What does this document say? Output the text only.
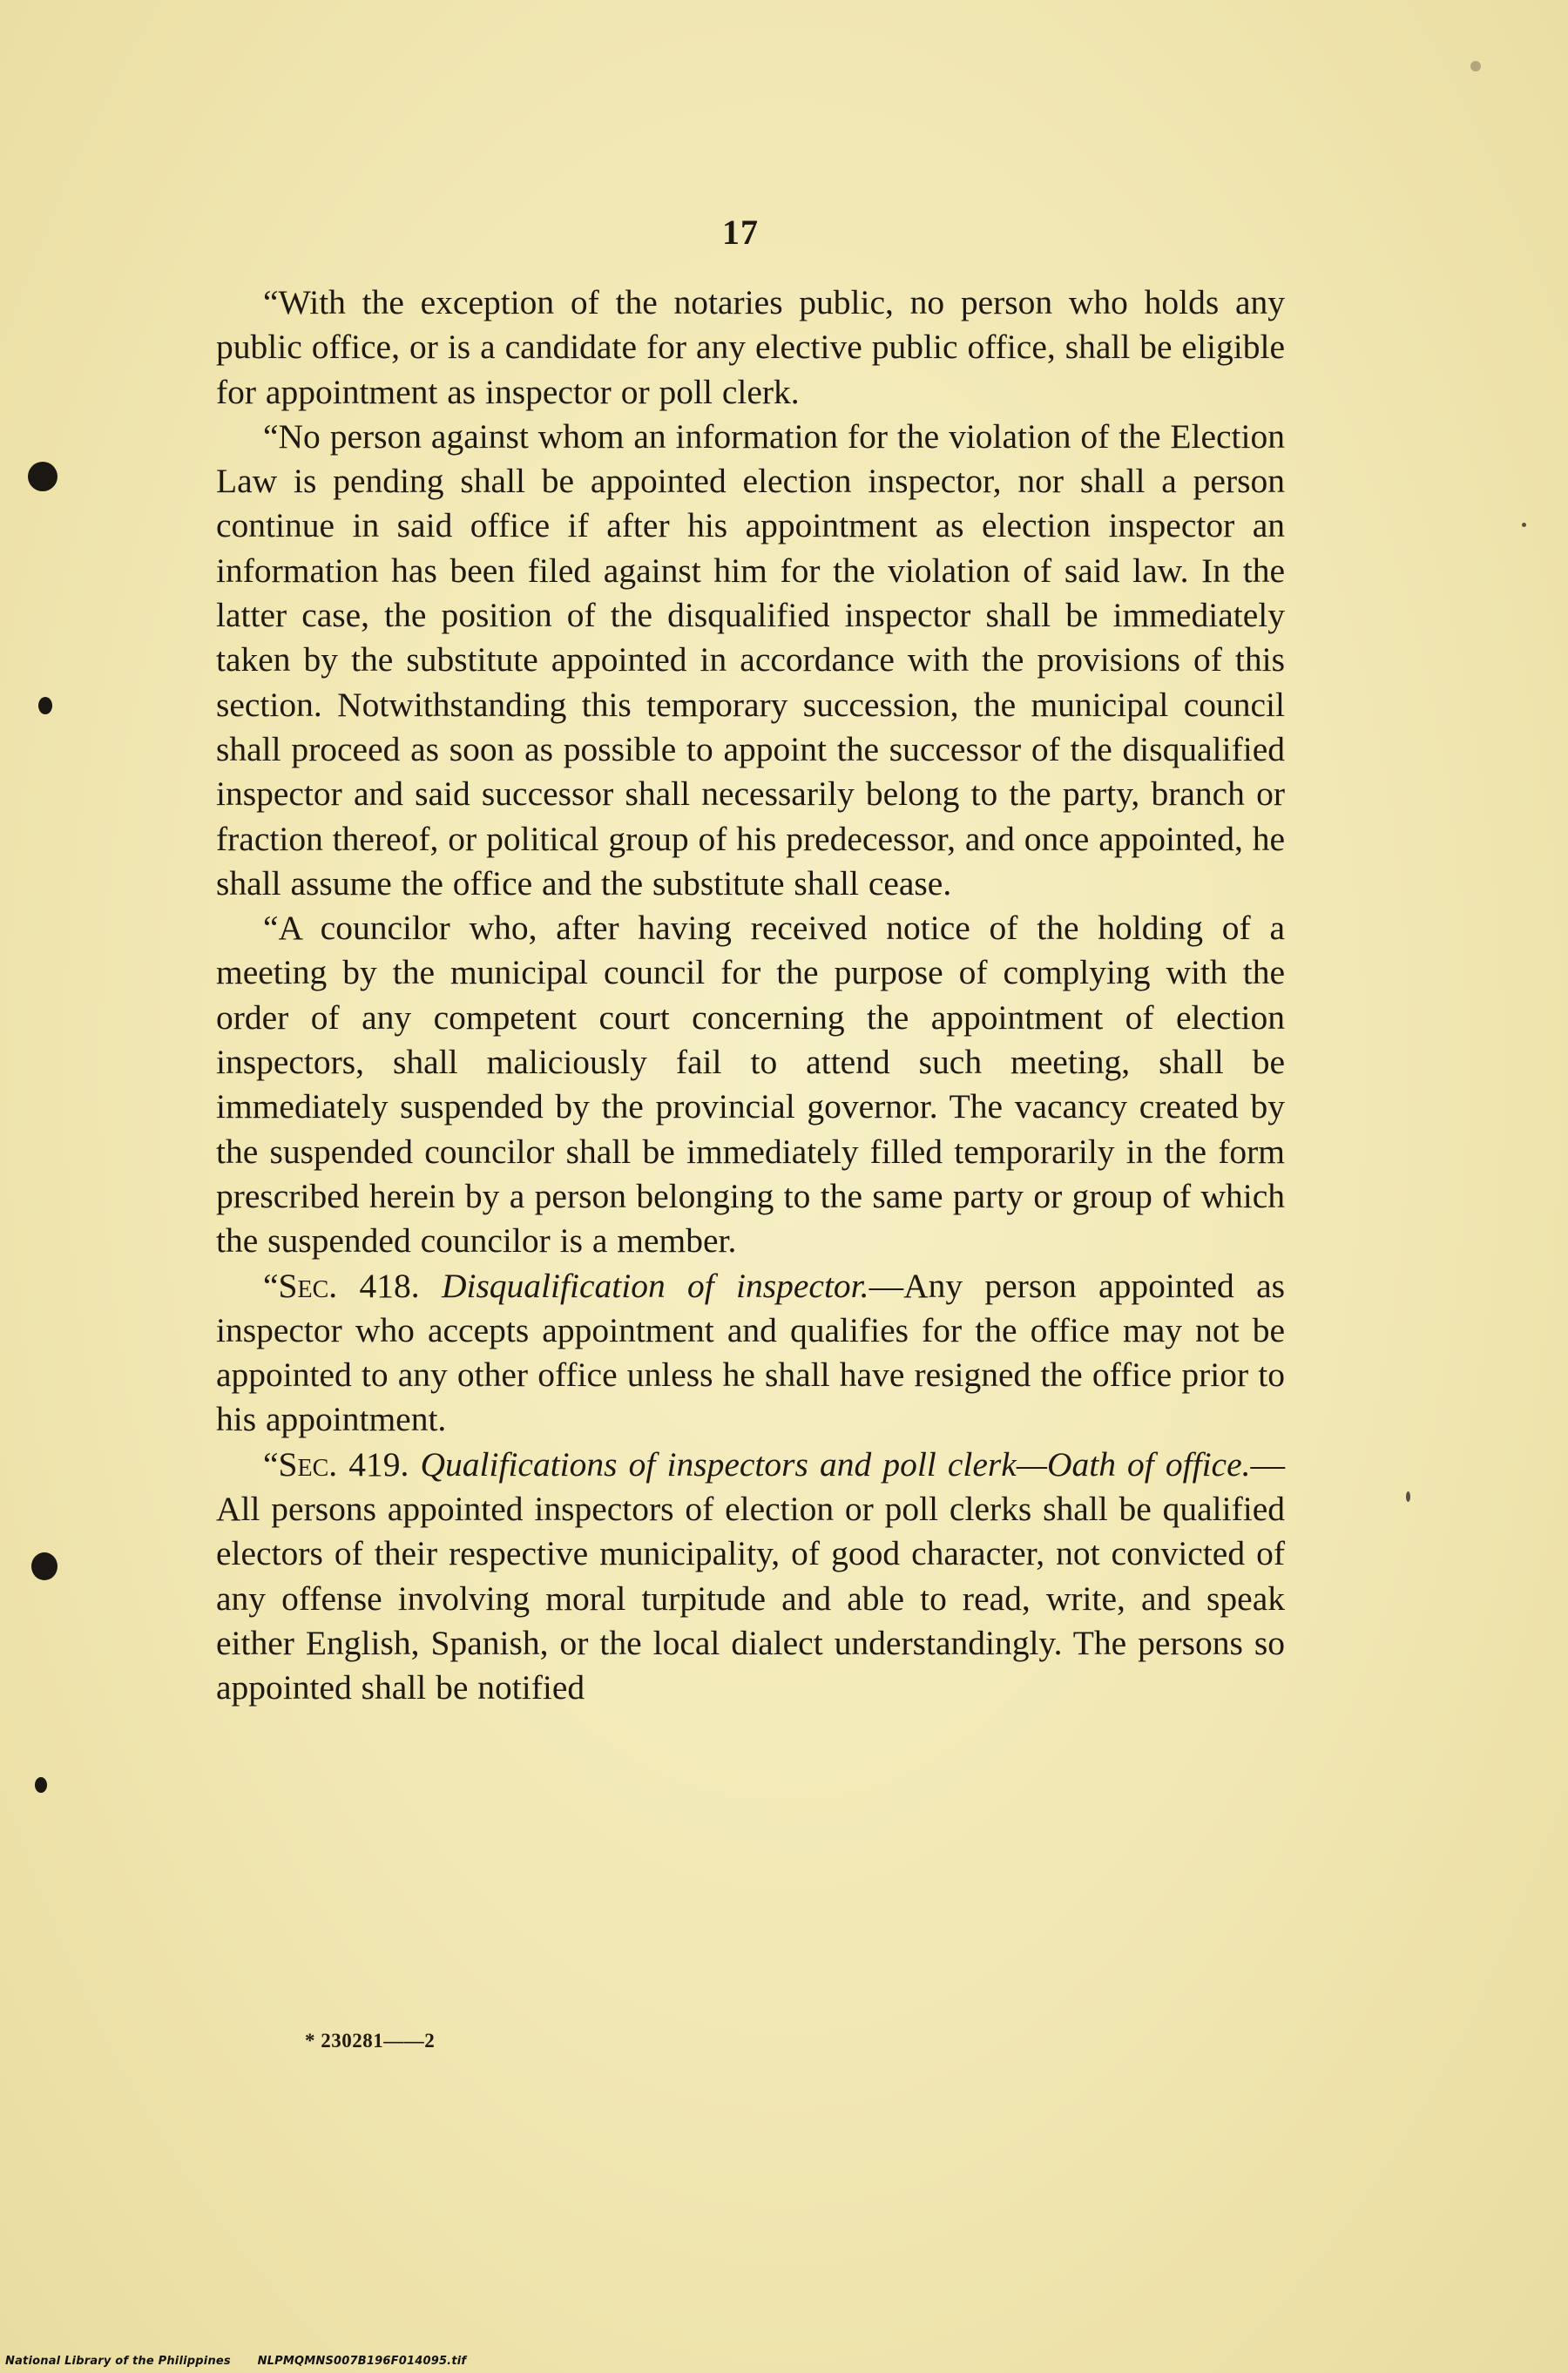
17

“With the exception of the notaries public, no person who holds any public office, or is a candidate for any elective public office, shall be eligible for appointment as inspector or poll clerk.

“No person against whom an information for the violation of the Election Law is pending shall be appointed election inspector, nor shall a person continue in said office if after his appointment as election inspector an information has been filed against him for the violation of said law. In the latter case, the position of the disqualified inspector shall be immediately taken by the substitute appointed in accordance with the provisions of this section. Notwithstanding this temporary succession, the municipal council shall proceed as soon as possible to appoint the successor of the disqualified inspector and said successor shall necessarily belong to the party, branch or fraction thereof, or political group of his predecessor, and once appointed, he shall assume the office and the substitute shall cease.

“A councilor who, after having received notice of the holding of a meeting by the municipal council for the purpose of complying with the order of any competent court concerning the appointment of election inspectors, shall maliciously fail to attend such meeting, shall be immediately suspended by the provincial governor. The vacancy created by the suspended councilor shall be immediately filled temporarily in the form prescribed herein by a person belonging to the same party or group of which the suspended councilor is a member.

“Sec. 418. Disqualification of inspector.—Any person appointed as inspector who accepts appointment and qualifies for the office may not be appointed to any other office unless he shall have resigned the office prior to his appointment.

“Sec. 419. Qualifications of inspectors and poll clerk—Oath of office.—All persons appointed inspectors of election or poll clerks shall be qualified electors of their respective municipality, of good character, not convicted of any offense involving moral turpitude and able to read, write, and speak either English, Spanish, or the local dialect understandingly. The persons so appointed shall be notified

* 230281——2
National Library of the Philippines NLPMQMNS007B196F014095.tif
